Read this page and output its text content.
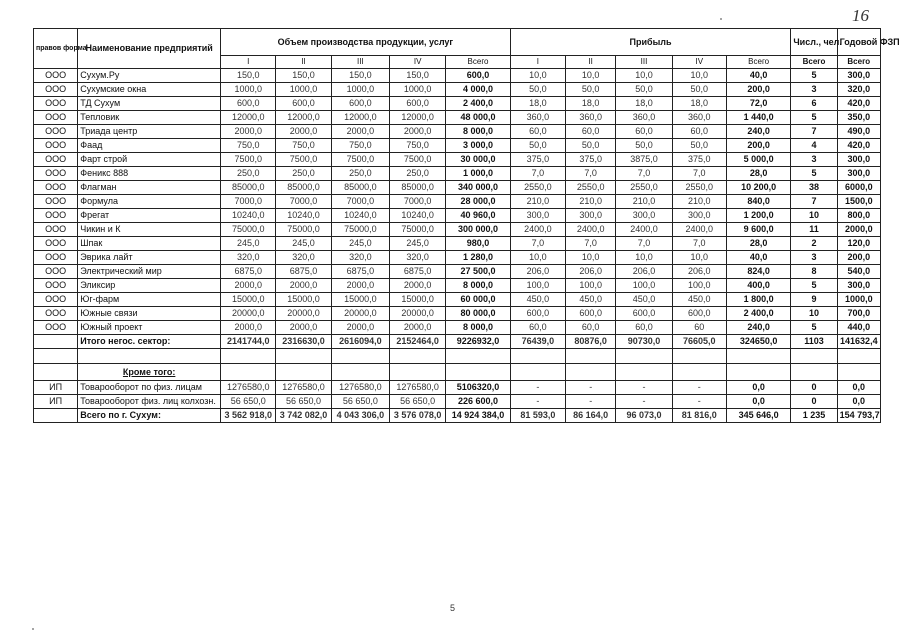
16
правов форма	Наименование предприятий	Объем производства продукции, услуг					Прибыль					Числ., чел.	Годовой ФЗП
		I	II	III	IV	Всего	I	II	III	IV	Всего	Всего	Всего
ООО	Сухум.Ру	150,0	150,0	150,0	150,0	600,0	10,0	10,0	10,0	10,0	40,0	5	300,0
ООО	Сухумские окна	1000,0	1000,0	1000,0	1000,0	4 000,0	50,0	50,0	50,0	50,0	200,0	3	320,0
ООО	ТД Сухум	600,0	600,0	600,0	600,0	2 400,0	18,0	18,0	18,0	18,0	72,0	6	420,0
ООО	Тепловик	12000,0	12000,0	12000,0	12000,0	48 000,0	360,0	360,0	360,0	360,0	1 440,0	5	350,0
ООО	Триада центр	2000,0	2000,0	2000,0	2000,0	8 000,0	60,0	60,0	60,0	60,0	240,0	7	490,0
ООО	Фаад	750,0	750,0	750,0	750,0	3 000,0	50,0	50,0	50,0	50,0	200,0	4	420,0
ООО	Фарт строй	7500,0	7500,0	7500,0	7500,0	30 000,0	375,0	375,0	3875,0	375,0	5 000,0	3	300,0
ООО	Феникс 888	250,0	250,0	250,0	250,0	1 000,0	7,0	7,0	7,0	7,0	28,0	5	300,0
ООО	Флагман	85000,0	85000,0	85000,0	85000,0	340 000,0	2550,0	2550,0	2550,0	2550,0	10 200,0	38	6000,0
ООО	Формула	7000,0	7000,0	7000,0	7000,0	28 000,0	210,0	210,0	210,0	210,0	840,0	7	1500,0
ООО	Фрегат	10240,0	10240,0	10240,0	10240,0	40 960,0	300,0	300,0	300,0	300,0	1 200,0	10	800,0
ООО	Чикин и К	75000,0	75000,0	75000,0	75000,0	300 000,0	2400,0	2400,0	2400,0	2400,0	9 600,0	11	2000,0
ООО	Шпак	245,0	245,0	245,0	245,0	980,0	7,0	7,0	7,0	7,0	28,0	2	120,0
ООО	Эврика лайт	320,0	320,0	320,0	320,0	1 280,0	10,0	10,0	10,0	10,0	40,0	3	200,0
ООО	Электрический мир	6875,0	6875,0	6875,0	6875,0	27 500,0	206,0	206,0	206,0	206,0	824,0	8	540,0
ООО	Эликсир	2000,0	2000,0	2000,0	2000,0	8 000,0	100,0	100,0	100,0	100,0	400,0	5	300,0
ООО	Юг-фарм	15000,0	15000,0	15000,0	15000,0	60 000,0	450,0	450,0	450,0	450,0	1 800,0	9	1000,0
ООО	Южные связи	20000,0	20000,0	20000,0	20000,0	80 000,0	600,0	600,0	600,0	600,0	2 400,0	10	700,0
ООО	Южный проект	2000,0	2000,0	2000,0	2000,0	8 000,0	60,0	60,0	60,0	60	240,0	5	440,0
	Итого негос. сектор:	2141744,0	2316630,0	2616094,0	2152464,0	9226932,0	76439,0	80876,0	90730,0	76605,0	324650,0	1103	141632,4

	Кроме того:												
ИП	Товарооборот по физ. лицам	1276580,0	1276580,0	1276580,0	1276580,0	5106320,0	-	-	-	-	0,0	0	0,0
ИП	Товарооборот физ. лиц колхозн.	56 650,0	56 650,0	56 650,0	56 650,0	226 600,0	-	-	-	-	0,0	0	0,0
	Всего по г. Сухум:	3 562 918,0	3 742 082,0	4 043 306,0	3 576 078,0	14 924 384,0	81 593,0	86 164,0	96 073,0	81 816,0	345 646,0	1 235	154 793,7
5
